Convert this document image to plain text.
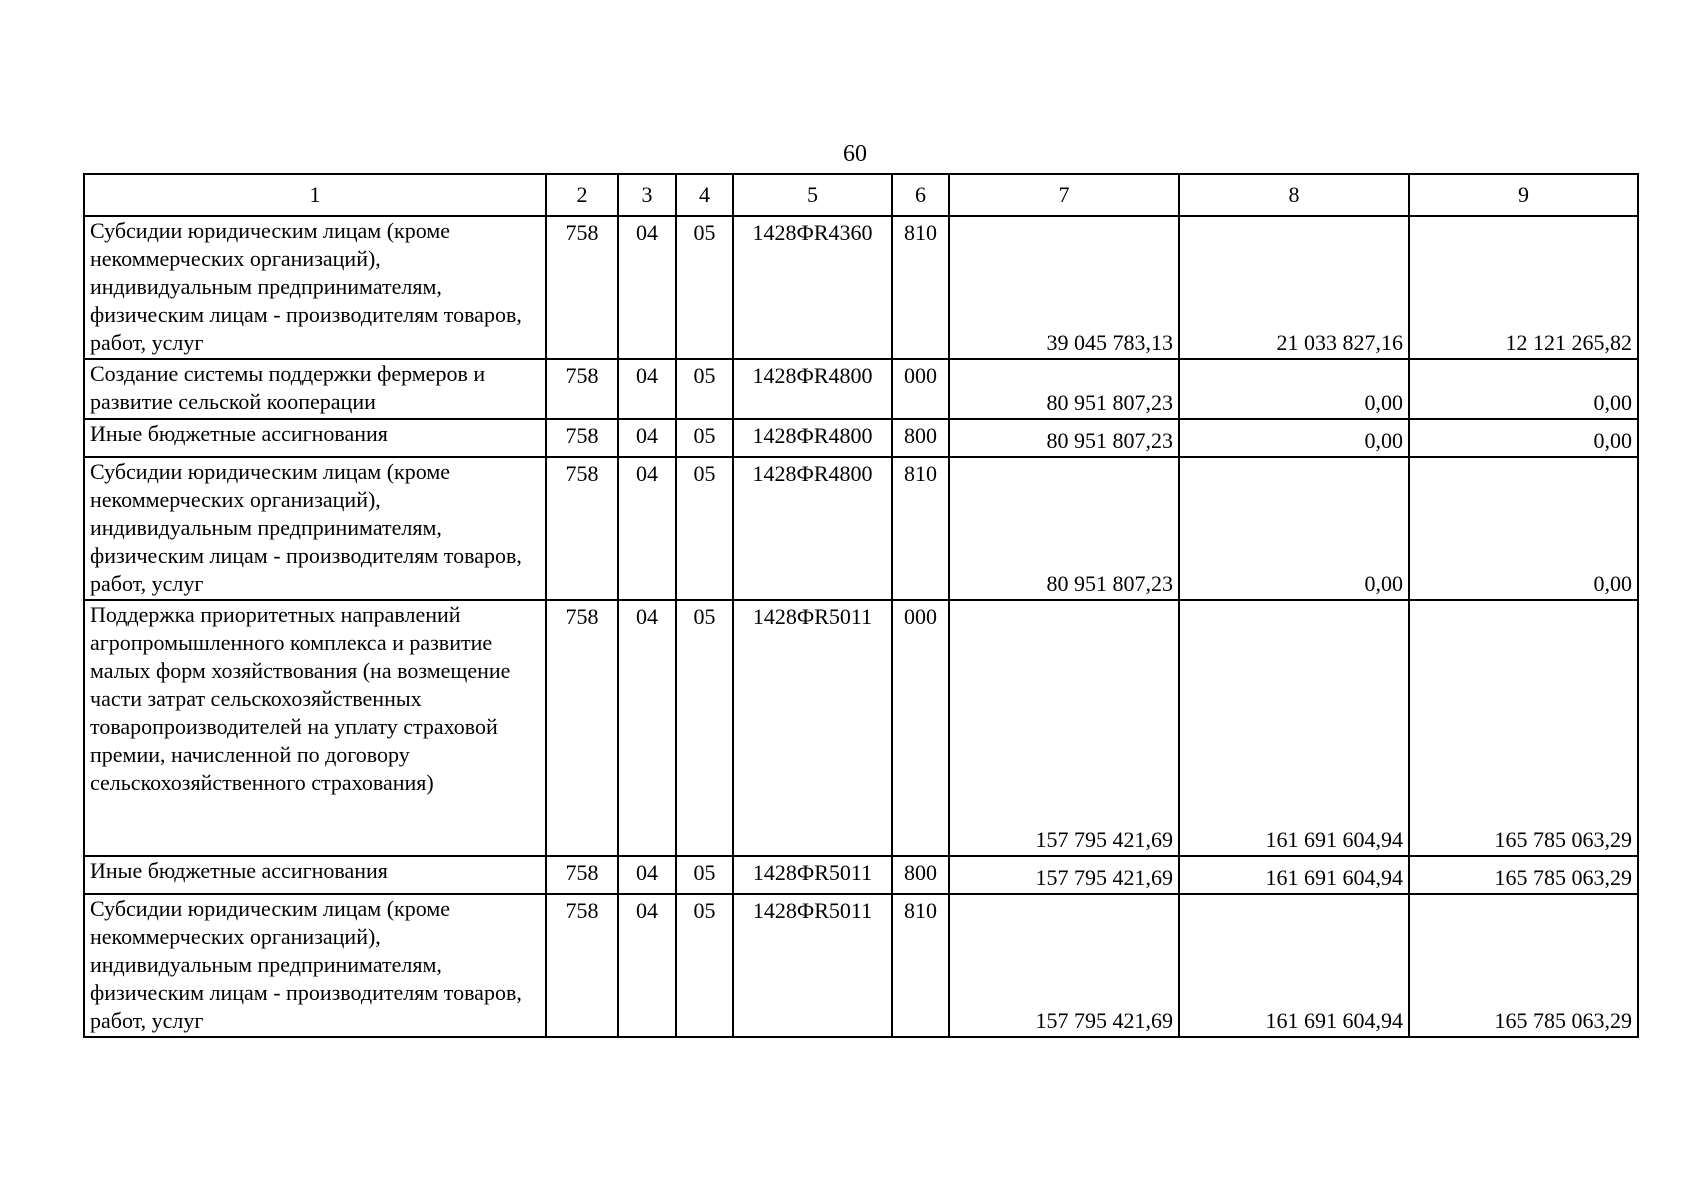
60
1	2	3	4	5	6	7	8	9
Субсидии юридическим лицам (кроме некоммерческих организаций), индивидуальным предпринимателям, физическим лицам - производителям товаров, работ, услуг	758	04	05	1428ФR4360	810	39 045 783,13	21 033 827,16	12 121 265,82
Создание системы поддержки фермеров и развитие сельской кооперации	758	04	05	1428ФR4800	000	80 951 807,23	0,00	0,00
Иные бюджетные ассигнования	758	04	05	1428ФR4800	800	80 951 807,23	0,00	0,00
Субсидии юридическим лицам (кроме некоммерческих организаций), индивидуальным предпринимателям, физическим лицам - производителям товаров, работ, услуг	758	04	05	1428ФR4800	810	80 951 807,23	0,00	0,00
Поддержка приоритетных направлений агропромышленного комплекса и развитие малых форм хозяйствования (на возмещение части затрат сельскохозяйственных товаропроизводителей на уплату страховой премии, начисленной по договору сельскохозяйственного страхования)	758	04	05	1428ФR5011	000	157 795 421,69	161 691 604,94	165 785 063,29
Иные бюджетные ассигнования	758	04	05	1428ФR5011	800	157 795 421,69	161 691 604,94	165 785 063,29
Субсидии юридическим лицам (кроме некоммерческих организаций), индивидуальным предпринимателям, физическим лицам - производителям товаров, работ, услуг	758	04	05	1428ФR5011	810	157 795 421,69	161 691 604,94	165 785 063,29
